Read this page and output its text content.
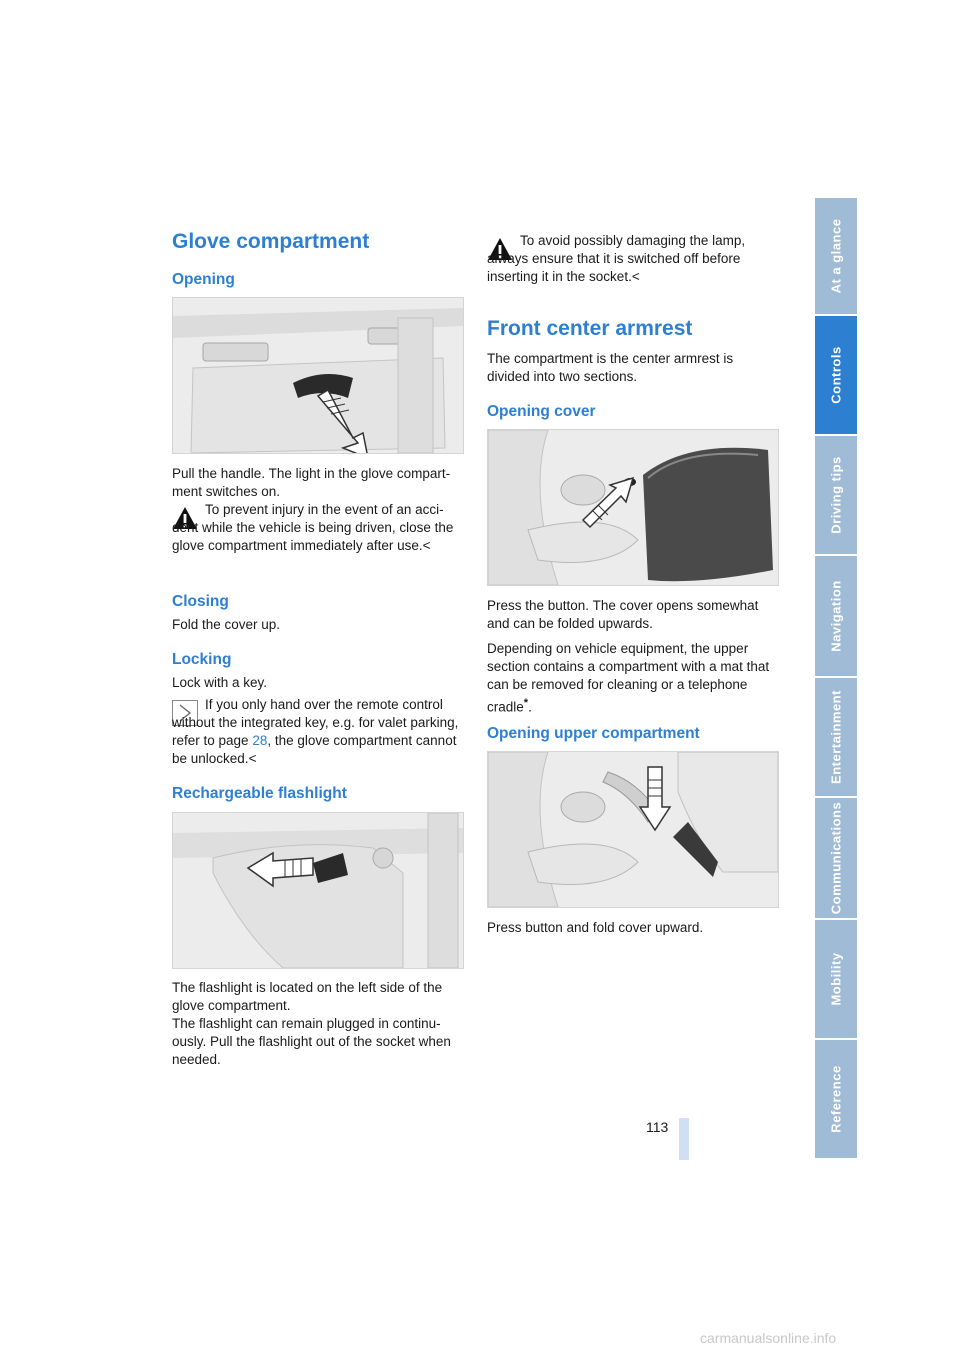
At a glance
Controls
Driving tips
Navigation
Entertainment
Communications
Mobility
Reference
113
Glove compartment
Opening
Pull the handle. The light in the glove compartment switches on.
To prevent injury in the event of an accident while the vehicle is being driven, close the glove compartment immediately after use.<
Closing
Fold the cover up.
Locking
Lock with a key.
If you only hand over the remote control without the integrated key, e.g. for valet parking, refer to page 28, the glove compartment cannot be unlocked.<
Rechargeable flashlight
The flashlight is located on the left side of the glove compartment.
The flashlight can remain plugged in continuously. Pull the flashlight out of the socket when needed.
To avoid possibly damaging the lamp, always ensure that it is switched off before inserting it in the socket.<
Front center armrest
The compartment is the center armrest is divided into two sections.
Opening cover

Press the button. The cover opens somewhat and can be folded upwards.

Depending on vehicle equipment, the upper section contains a compartment with a mat that can be removed for cleaning or a telephone cradle*.

Opening upper compartment
Press button and fold cover upward.
carmanualsonline.info
